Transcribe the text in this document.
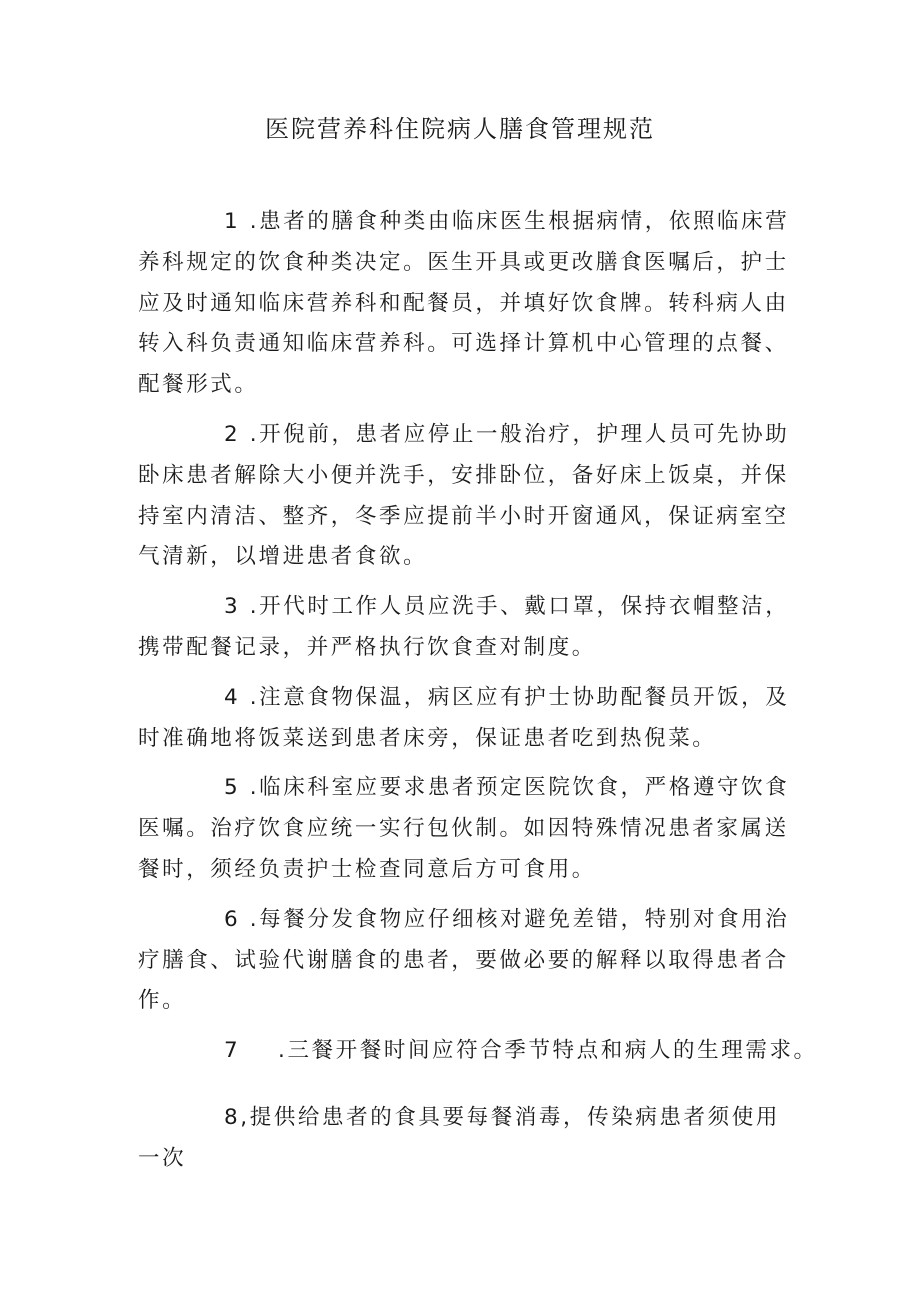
医院营养科住院病人膳食管理规范

1 .患者的膳食种类由临床医生根据病情，依照临床营养科规定的饮食种类决定。医生开具或更改膳食医嘱后，护士应及时通知临床营养科和配餐员，并填好饮食牌。转科病人由转入科负责通知临床营养科。可选择计算机中心管理的点餐、配餐形式。

2 .开倪前，患者应停止一般治疗，护理人员可先协助卧床患者解除大小便并洗手，安排卧位，备好床上饭桌，并保持室内清洁、整齐，冬季应提前半小时开窗通风，保证病室空气清新，以增进患者食欲。

3 .开代时工作人员应洗手、戴口罩，保持衣帽整洁，携带配餐记录，并严格执行饮食查对制度。

4 .注意食物保温，病区应有护士协助配餐员开饭，及时准确地将饭菜送到患者床旁，保证患者吃到热倪菜。

5 .临床科室应要求患者预定医院饮食，严格遵守饮食医嘱。治疗饮食应统一实行包伙制。如因特殊情况患者家属送餐时，须经负责护士检查同意后方可食用。

6 .每餐分发食物应仔细核对避免差错，特别对食用治疗膳食、试验代谢膳食的患者，要做必要的解释以取得患者合作。

7    .三餐开餐时间应符合季节特点和病人的生理需求。

8,提供给患者的食具要每餐消毒，传染病患者须使用一次
